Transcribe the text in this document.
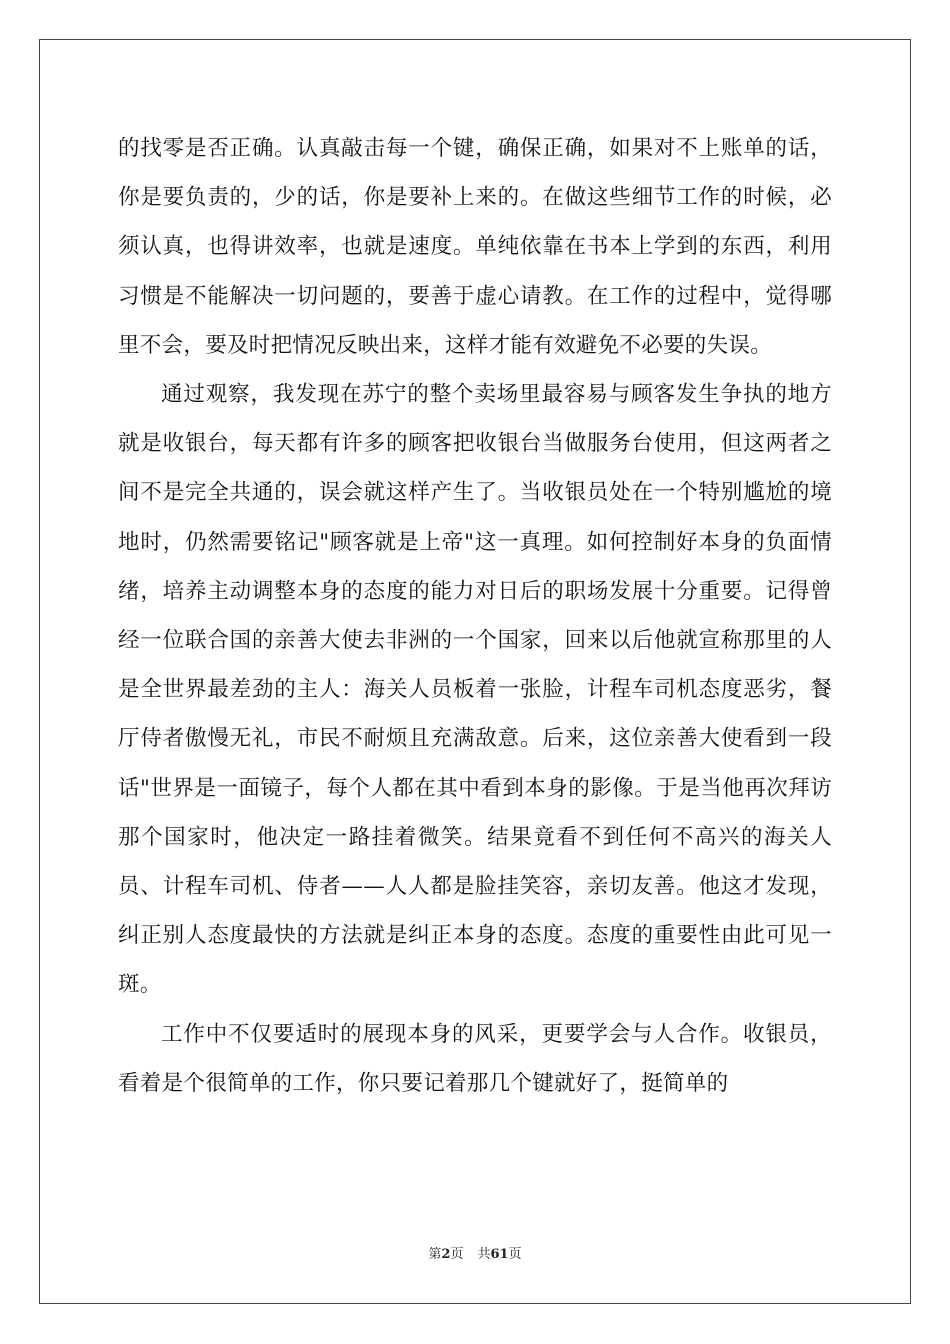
的找零是否正确。认真敲击每一个键，确保正确，如果对不上账单的话，你是要负责的，少的话，你是要补上来的。在做这些细节工作的时候，必须认真，也得讲效率，也就是速度。单纯依靠在书本上学到的东西，利用习惯是不能解决一切问题的，要善于虚心请教。在工作的过程中，觉得哪里不会，要及时把情况反映出来，这样才能有效避免不必要的失误。

通过观察，我发现在苏宁的整个卖场里最容易与顾客发生争执的地方就是收银台，每天都有许多的顾客把收银台当做服务台使用，但这两者之间不是完全共通的，误会就这样产生了。当收银员处在一个特别尴尬的境地时，仍然需要铭记"顾客就是上帝"这一真理。如何控制好本身的负面情绪，培养主动调整本身的态度的能力对日后的职场发展十分重要。记得曾经一位联合国的亲善大使去非洲的一个国家，回来以后他就宣称那里的人是全世界最差劲的主人：海关人员板着一张脸，计程车司机态度恶劣，餐厅侍者傲慢无礼，市民不耐烦且充满敌意。后来，这位亲善大使看到一段话"世界是一面镜子，每个人都在其中看到本身的影像。于是当他再次拜访那个国家时，他决定一路挂着微笑。结果竟看不到任何不高兴的海关人员、计程车司机、侍者——人人都是脸挂笑容，亲切友善。他这才发现，纠正别人态度最快的方法就是纠正本身的态度。态度的重要性由此可见一斑。

工作中不仅要适时的展现本身的风采，更要学会与人合作。收银员，看着是个很简单的工作，你只要记着那几个键就好了，挺简单的

第2页 共61页
